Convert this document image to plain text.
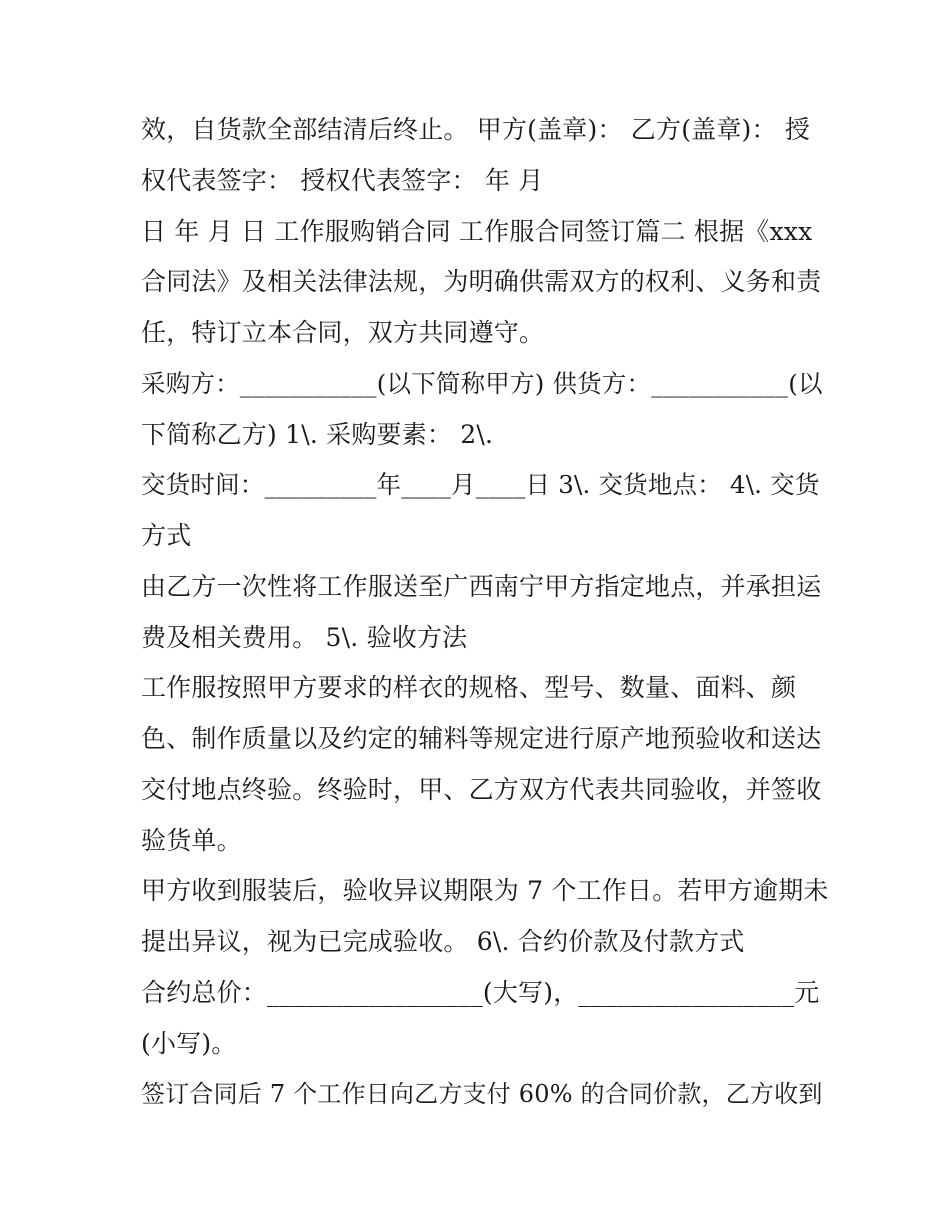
效，自货款全部结清后终止。 甲方(盖章)： 乙方(盖章)： 授

权代表签字： 授权代表签字： 年 月

日 年 月 日 工作服购销合同 工作服合同签订篇二 根据《xxx

合同法》及相关法律法规，为明确供需双方的权利、义务和责

任，特订立本合同，双方共同遵守。

采购方：___________(以下简称甲方) 供货方：___________(以

下简称乙方) 1\. 采购要素： 2\.

交货时间：_________年____月____日 3\. 交货地点： 4\. 交货

方式

由乙方一次性将工作服送至广西南宁甲方指定地点，并承担运

费及相关费用。 5\. 验收方法

工作服按照甲方要求的样衣的规格、型号、数量、面料、颜

色、制作质量以及约定的辅料等规定进行原产地预验收和送达

交付地点终验。终验时，甲、乙方双方代表共同验收，并签收

验货单。

甲方收到服装后，验收异议期限为 7 个工作日。若甲方逾期未

提出异议，视为已完成验收。 6\. 合约价款及付款方式

合约总价：_________________(大写)，_________________元

(小写)。

签订合同后 7 个工作日向乙方支付 60% 的合同价款，乙方收到
